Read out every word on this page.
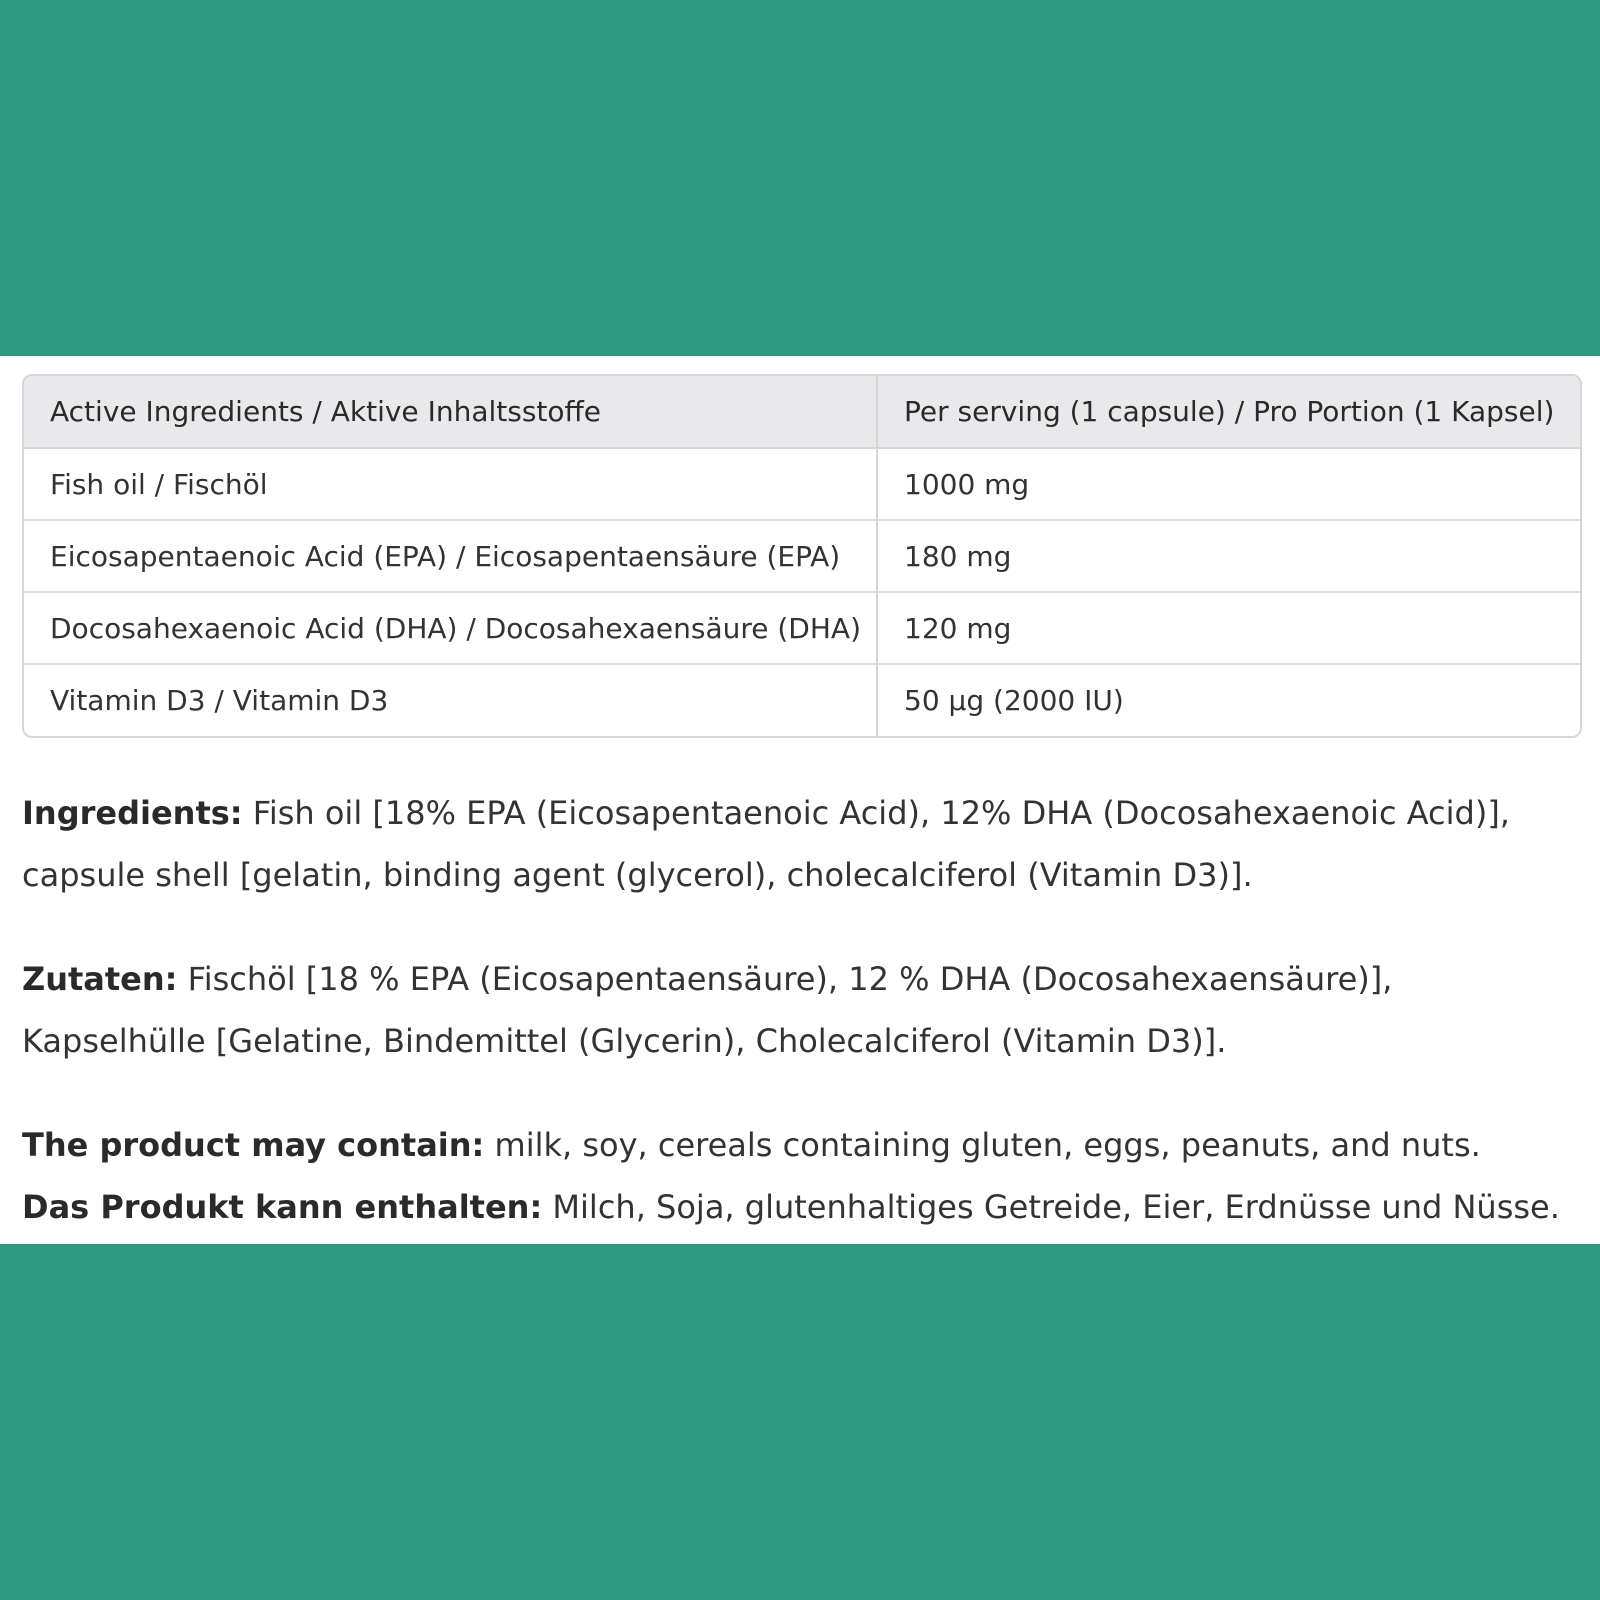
Active Ingredients / Aktive Inhaltsstoffe	Per serving (1 capsule) / Pro Portion (1 Kapsel)
Fish oil / Fischöl	1000 mg
Eicosapentaenoic Acid (EPA) / Eicosapentaensäure (EPA)	180 mg
Docosahexaenoic Acid (DHA) / Docosahexaensäure (DHA)	120 mg
Vitamin D3 / Vitamin D3	50 µg (2000 IU)
Ingredients: Fish oil [18% EPA (Eicosapentaenoic Acid), 12% DHA (Docosahexaenoic Acid)], capsule shell [gelatin, binding agent (glycerol), cholecalciferol (Vitamin D3)].
Zutaten: Fischöl [18 % EPA (Eicosapentaensäure), 12 % DHA (Docosahexaensäure)], Kapselhülle [Gelatine, Bindemittel (Glycerin), Cholecalciferol (Vitamin D3)].
The product may contain: milk, soy, cereals containing gluten, eggs, peanuts, and nuts.
Das Produkt kann enthalten: Milch, Soja, glutenhaltiges Getreide, Eier, Erdnüsse und Nüsse.
